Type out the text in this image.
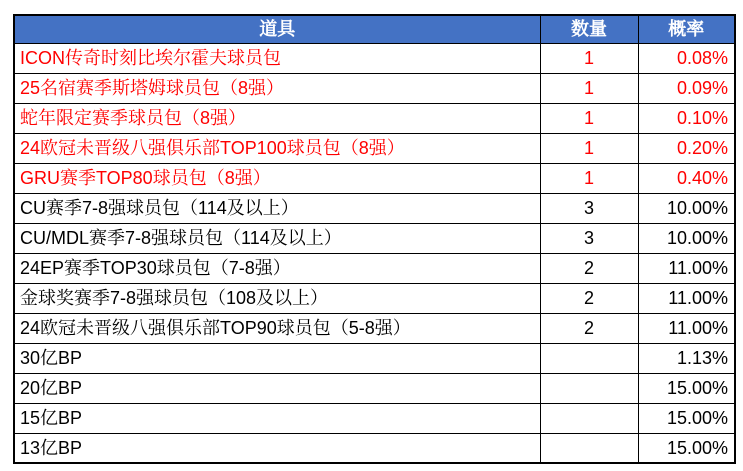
道具	数量	概率
ICON传奇时刻比埃尔霍夫球员包	1	0.08%
25名宿赛季斯塔姆球员包（8强）	1	0.09%
蛇年限定赛季球员包（8强）	1	0.10%
24欧冠未晋级八强俱乐部TOP100球员包（8强）	1	0.20%
GRU赛季TOP80球员包（8强）	1	0.40%
CU赛季7-8强球员包（114及以上）	3	10.00%
CU/MDL赛季7-8强球员包（114及以上）	3	10.00%
24EP赛季TOP30球员包（7-8强）	2	11.00%
金球奖赛季7-8强球员包（108及以上）	2	11.00%
24欧冠未晋级八强俱乐部TOP90球员包（5-8强）	2	11.00%
30亿BP		1.13%
20亿BP		15.00%
15亿BP		15.00%
13亿BP		15.00%
